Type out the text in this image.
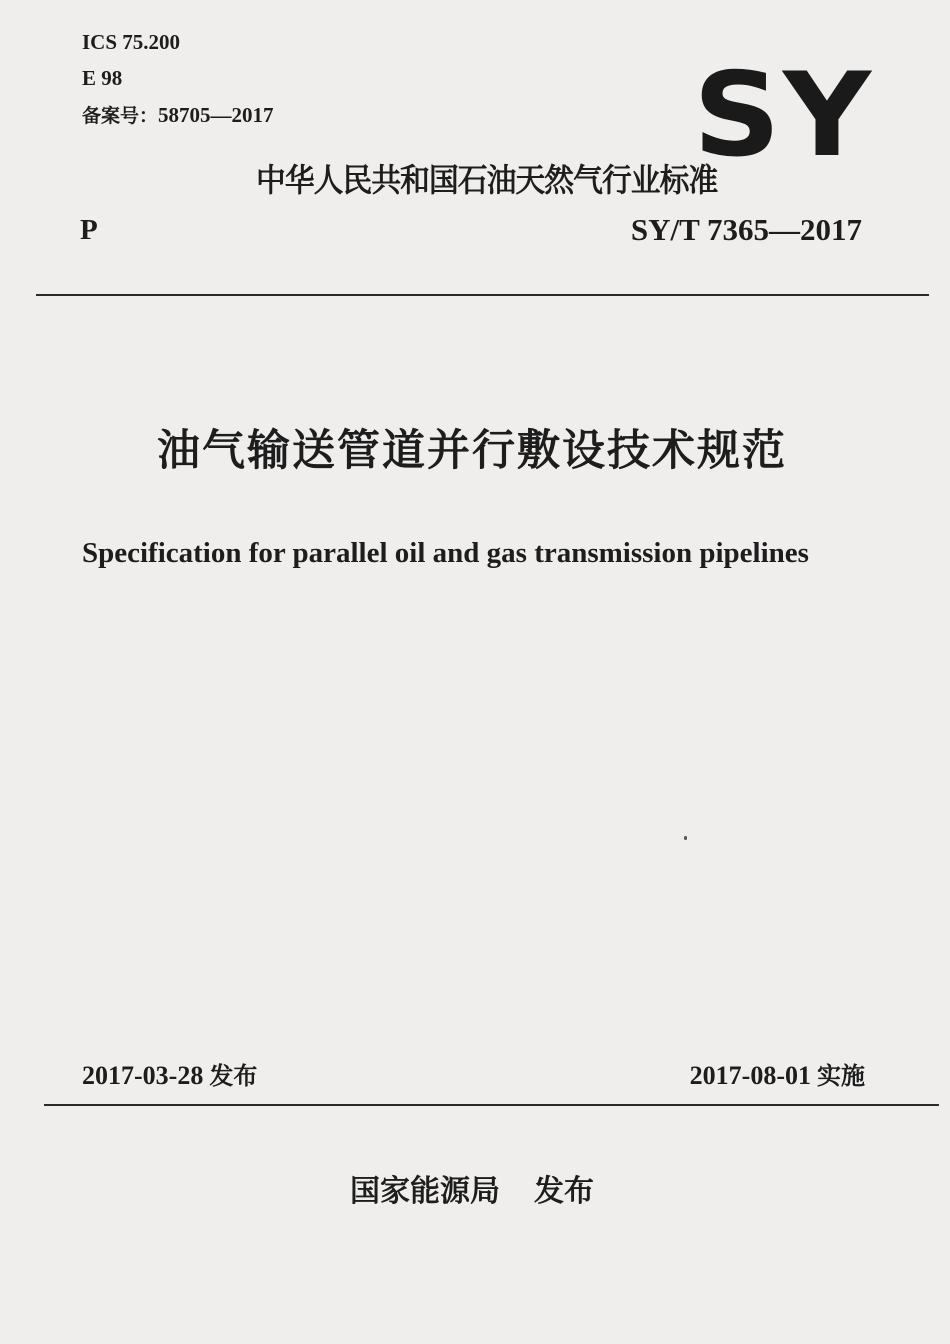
ICS 75.200
E 98
备案号：58705—2017	SY
中华人民共和国石油天然气行业标准
P	SY/T 7365—2017
油气输送管道并行敷设技术规范
Specification for parallel oil and gas transmission pipelines
2017-03-28 发布	2017-08-01 实施
国家能源局 发布
